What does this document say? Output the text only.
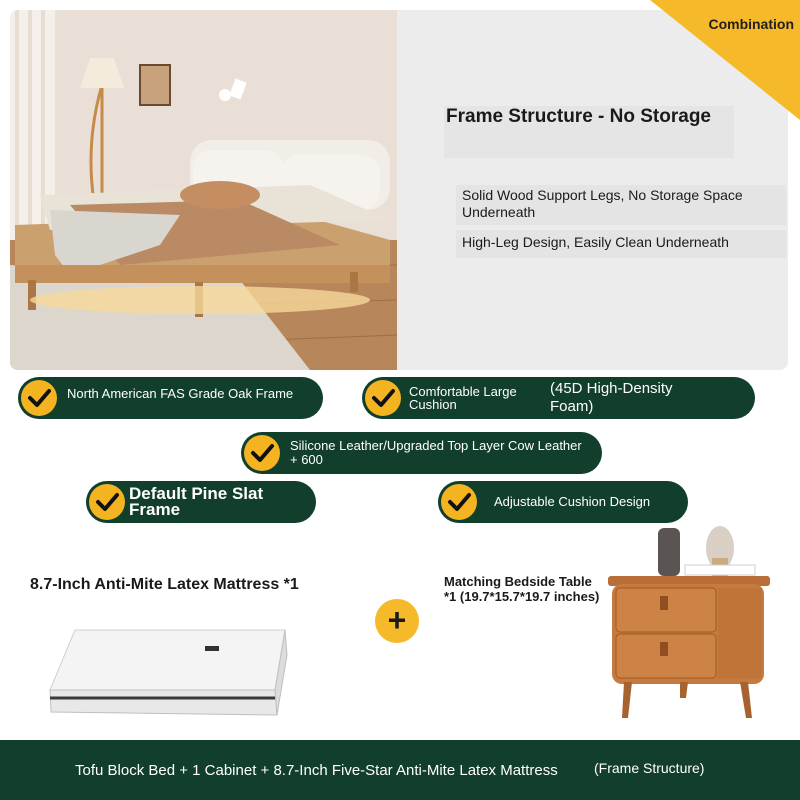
Frame Structure - No Storage
Solid Wood Support Legs, No Storage Space Underneath
High-Leg Design, Easily Clean Underneath
Combination
North American FAS Grade Oak Frame	Comfortable Large Cushion
(45D High-Density Foam)
Silicone Leather/Upgraded Top Layer Cow Leather + 600
Default Pine Slat Frame	Adjustable Cushion Design
8.7-Inch Anti-Mite Latex Mattress *1
+
Matching Bedside Table *1 (19.7*15.7*19.7 inches)
Tofu Block Bed + 1 Cabinet + 8.7-Inch Five-Star Anti-Mite Latex Mattress	(Frame Structure)
